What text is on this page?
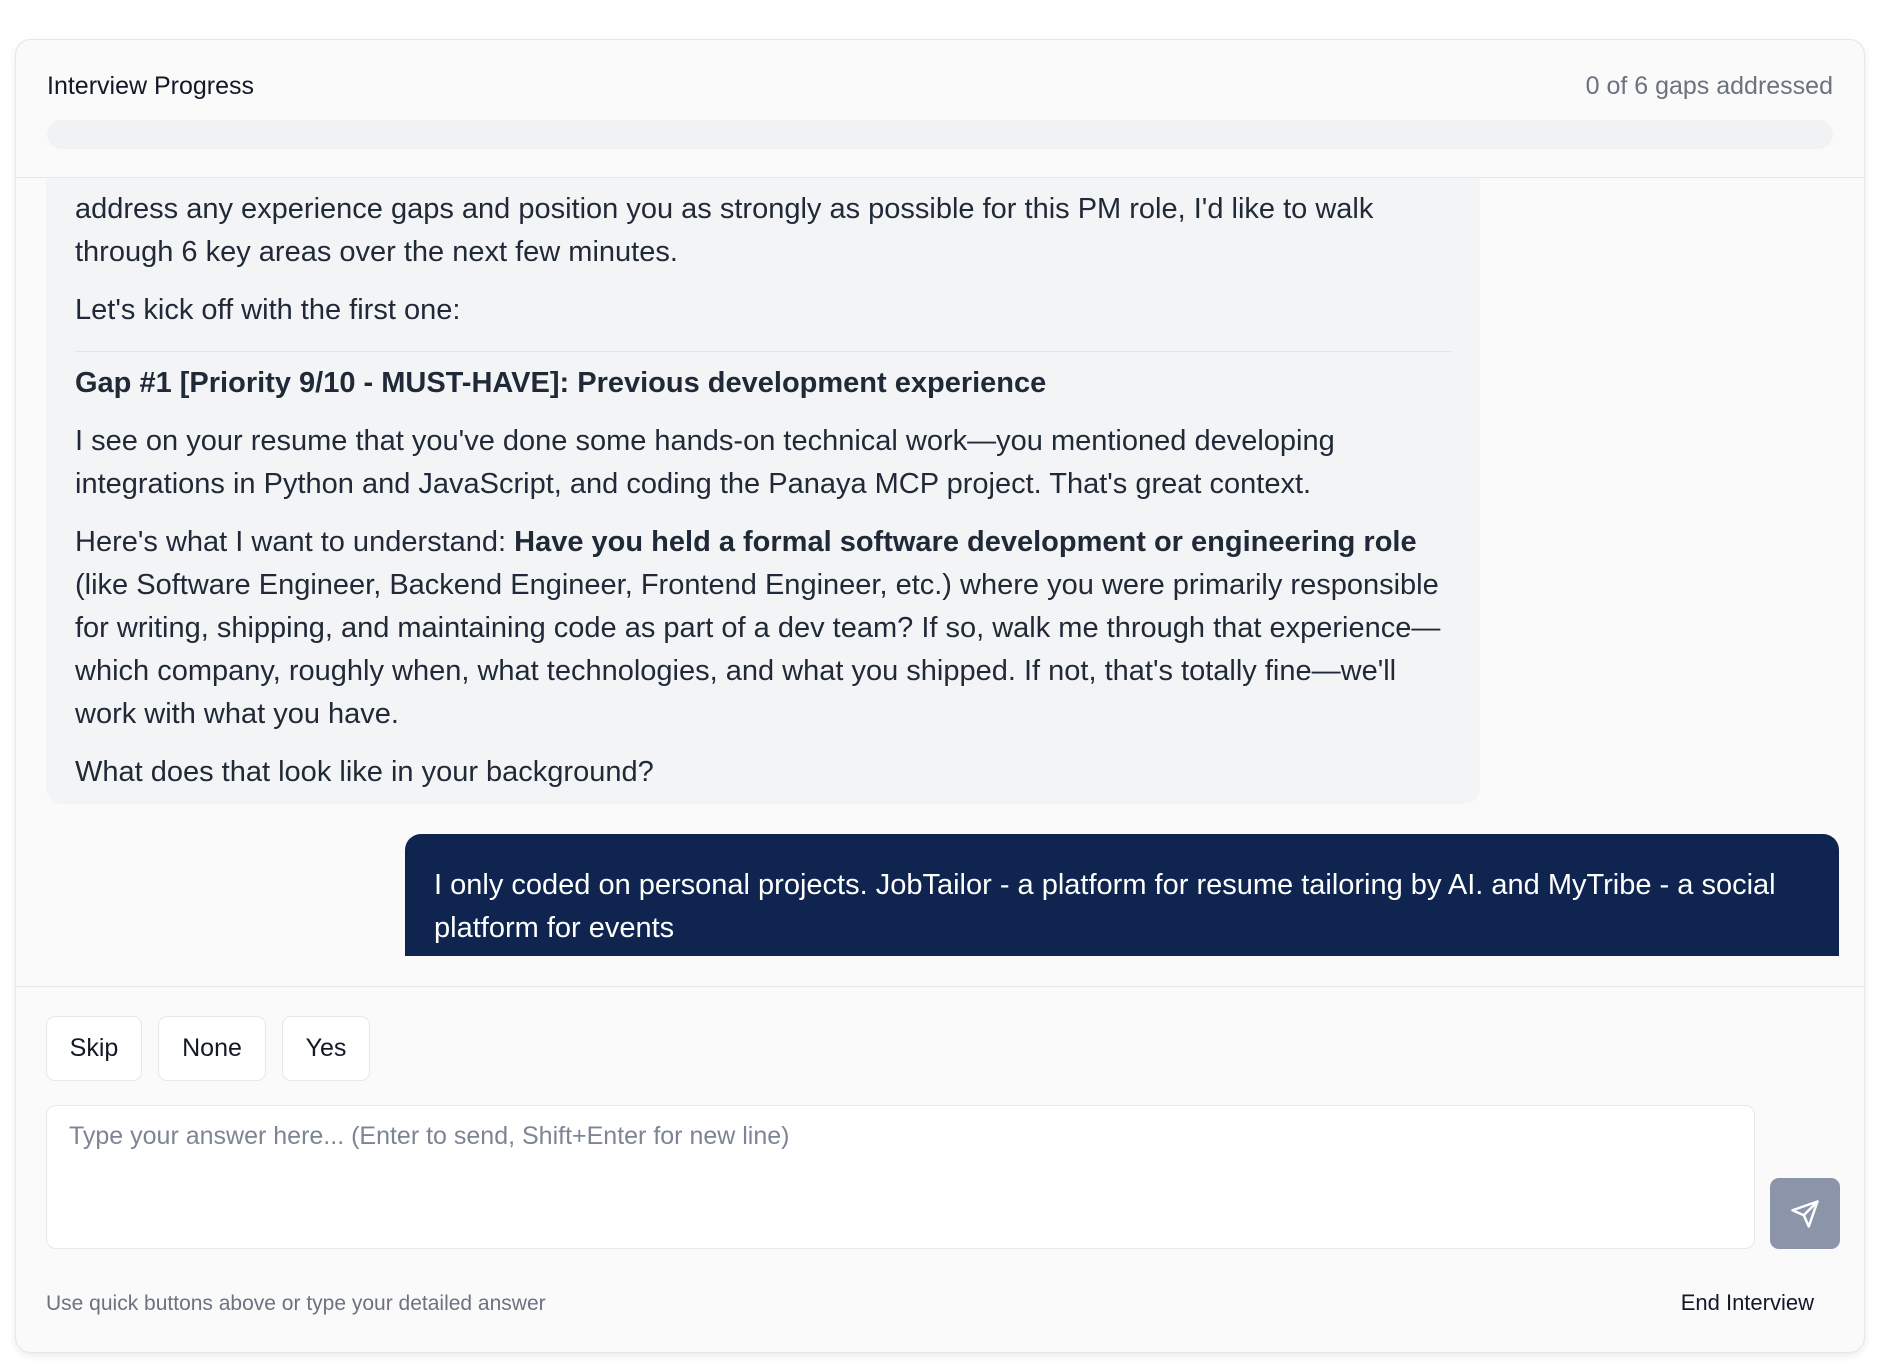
Interview Progress	0 of 6 gaps addressed

address any experience gaps and position you as strongly as possible for this PM role, I'd like to walk through 6 key areas over the next few minutes.

Let's kick off with the first one:

Gap #1 [Priority 9/10 - MUST-HAVE]: Previous development experience

I see on your resume that you've done some hands-on technical work—you mentioned developing integrations in Python and JavaScript, and coding the Panaya MCP project. That's great context.

Here's what I want to understand: Have you held a formal software development or engineering role (like Software Engineer, Backend Engineer, Frontend Engineer, etc.) where you were primarily responsible for writing, shipping, and maintaining code as part of a dev team? If so, walk me through that experience—which company, roughly when, what technologies, and what you shipped. If not, that's totally fine—we'll work with what you have.

What does that look like in your background?

I only coded on personal projects. JobTailor - a platform for resume tailoring by AI. and MyTribe - a social platform for events
Skip	None	Yes
Type your answer here... (Enter to send, Shift+Enter for new line)
Use quick buttons above or type your detailed answer	End Interview
